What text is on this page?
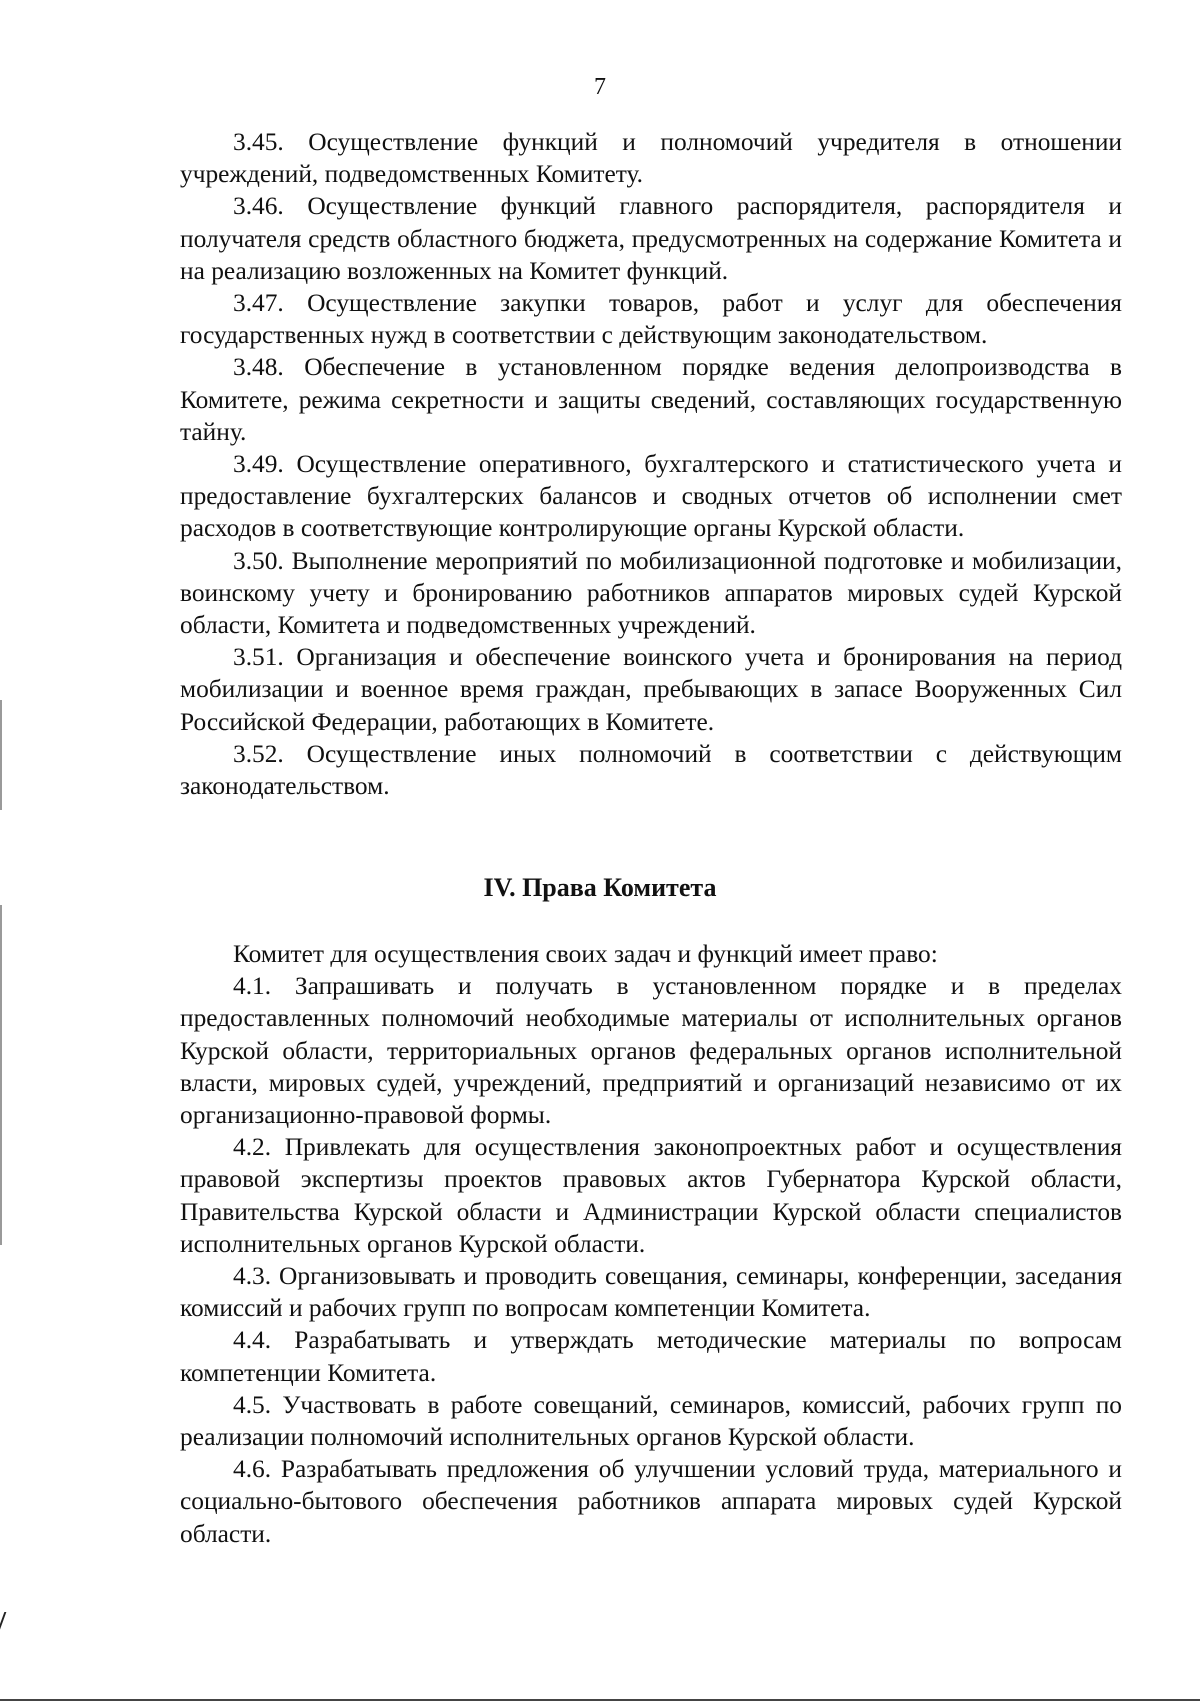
7

3.45. Осуществление функций и полномочий учредителя в отношении учреждений, подведомственных Комитету.

3.46. Осуществление функций главного распорядителя, распорядителя и получателя средств областного бюджета, предусмотренных на содержание Комитета и на реализацию возложенных на Комитет функций.

3.47. Осуществление закупки товаров, работ и услуг для обеспечения государственных нужд в соответствии с действующим законодательством.

3.48. Обеспечение в установленном порядке ведения делопроизводства в Комитете, режима секретности и защиты сведений, составляющих государственную тайну.

3.49. Осуществление оперативного, бухгалтерского и статистического учета и предоставление бухгалтерских балансов и сводных отчетов об исполнении смет расходов в соответствующие контролирующие органы Курской области.

3.50. Выполнение мероприятий по мобилизационной подготовке и мобилизации, воинскому учету и бронированию работников аппаратов мировых судей Курской области, Комитета и подведомственных учреждений.

3.51. Организация и обеспечение воинского учета и бронирования на период мобилизации и военное время граждан, пребывающих в запасе Вооруженных Сил Российской Федерации, работающих в Комитете.

3.52. Осуществление иных полномочий в соответствии с действующим законодательством.

IV. Права Комитета

Комитет для осуществления своих задач и функций имеет право:

4.1. Запрашивать и получать в установленном порядке и в пределах предоставленных полномочий необходимые материалы от исполнительных органов Курской области, территориальных органов федеральных органов исполнительной власти, мировых судей, учреждений, предприятий и организаций независимо от их организационно-правовой формы.

4.2. Привлекать для осуществления законопроектных работ и осуществления правовой экспертизы проектов правовых актов Губернатора Курской области, Правительства Курской области и Администрации Курской области специалистов исполнительных органов Курской области.

4.3. Организовывать и проводить совещания, семинары, конференции, заседания комиссий и рабочих групп по вопросам компетенции Комитета.

4.4. Разрабатывать и утверждать методические материалы по вопросам компетенции Комитета.

4.5. Участвовать в работе совещаний, семинаров, комиссий, рабочих групп по реализации полномочий исполнительных органов Курской области.

4.6. Разрабатывать предложения об улучшении условий труда, материального и социально-бытового обеспечения работников аппарата мировых судей Курской области.
